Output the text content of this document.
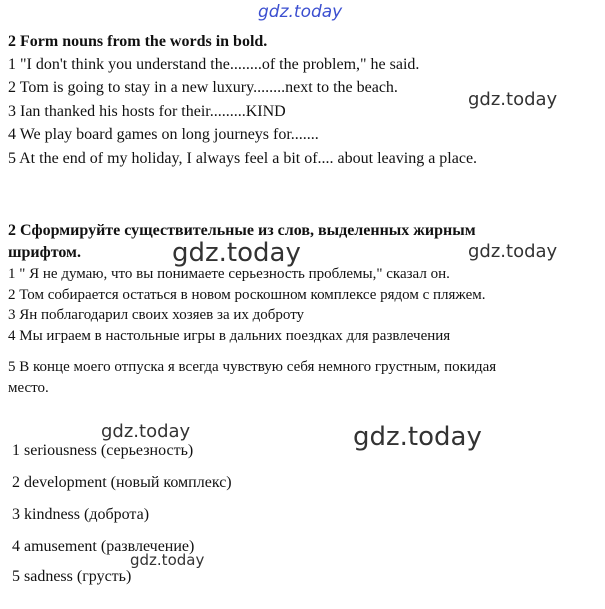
gdz.today
gdz.today
gdz.today	gdz.today
gdz.today	gdz.today
gdz.today
2 Form nouns from the words in bold.
1 "I don't think you understand the........of the problem," he said.
2 Tom is going to stay in a new luxury........next to the beach.
3 Ian thanked his hosts for their.........KIND
4 We play board games on long journeys for.......
5 At the end of my holiday, I always feel a bit of.... about leaving a place.
2 Сформируйте существительные из слов, выделенных жирным
шрифтом.
1 " Я не думаю, что вы понимаете серьезность проблемы," сказал он.
2 Том собирается остаться в новом роскошном комплексе рядом с пляжем.
3 Ян поблагодарил своих хозяев за их доброту
4 Мы играем в настольные игры в дальних поездках для развлечения
5 В конце моего отпуска я всегда чувствую себя немного грустным, покидая
место.
1 seriousness (серьезность)
2 development (новый комплекс)
3 kindness (доброта)
4 amusement (развлечение)
5 sadness (грусть)
